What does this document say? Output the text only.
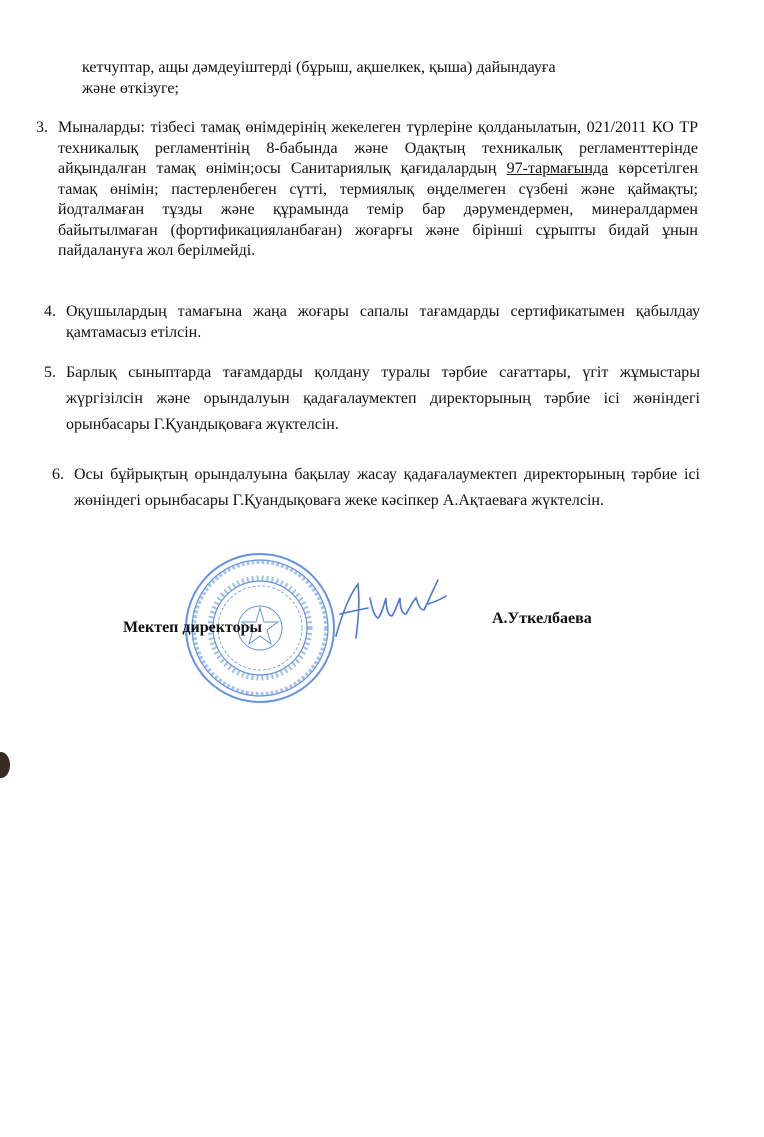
кетчуптар, ащы дәмдеуіштерді (бұрыш, ақшелкек, қыша) дайындауға
және өткізуге;

3. Мыналарды: тізбесі тамақ өнімдерінің жекелеген түрлеріне қолданылатын, 021/2011 КО ТР техникалық регламентінің 8-бабында және Одақтың техникалық регламенттерінде айқындалған тамақ өнімін;осы Санитариялық қағидалардың 97-тармағында көрсетілген тамақ өнімін; пастерленбеген сүтті, термиялық өңделмеген сүзбені және қаймақты; йодталмаған тұзды және құрамында темір бар дәрумендермен, минералдармен байытылмаған (фортификацияланбаған) жоғарғы және бірінші сұрыпты бидай ұнын пайдалануға жол берілмейді.

4. Оқушылардың тамағына жаңа жоғары сапалы тағамдарды сертификатымен қабылдау қамтамасыз етілсін.

5. Барлық сыныптарда тағамдарды қолдану туралы тәрбие сағаттары, үгіт жұмыстары жүргізілсін және орындалуын қадағалаумектеп директорының тәрбие ісі жөніндегі орынбасары Г.Қуандықоваға жүктелсін.

6. Осы бұйрықтың орындалуына бақылау жасау қадағалаумектеп директорының тәрбие ісі жөніндегі орынбасары Г.Қуандықоваға жеке кәсіпкер А.Ақтаеваға жүктелсін.

Мектеп директоры

А.Уткелбаева
